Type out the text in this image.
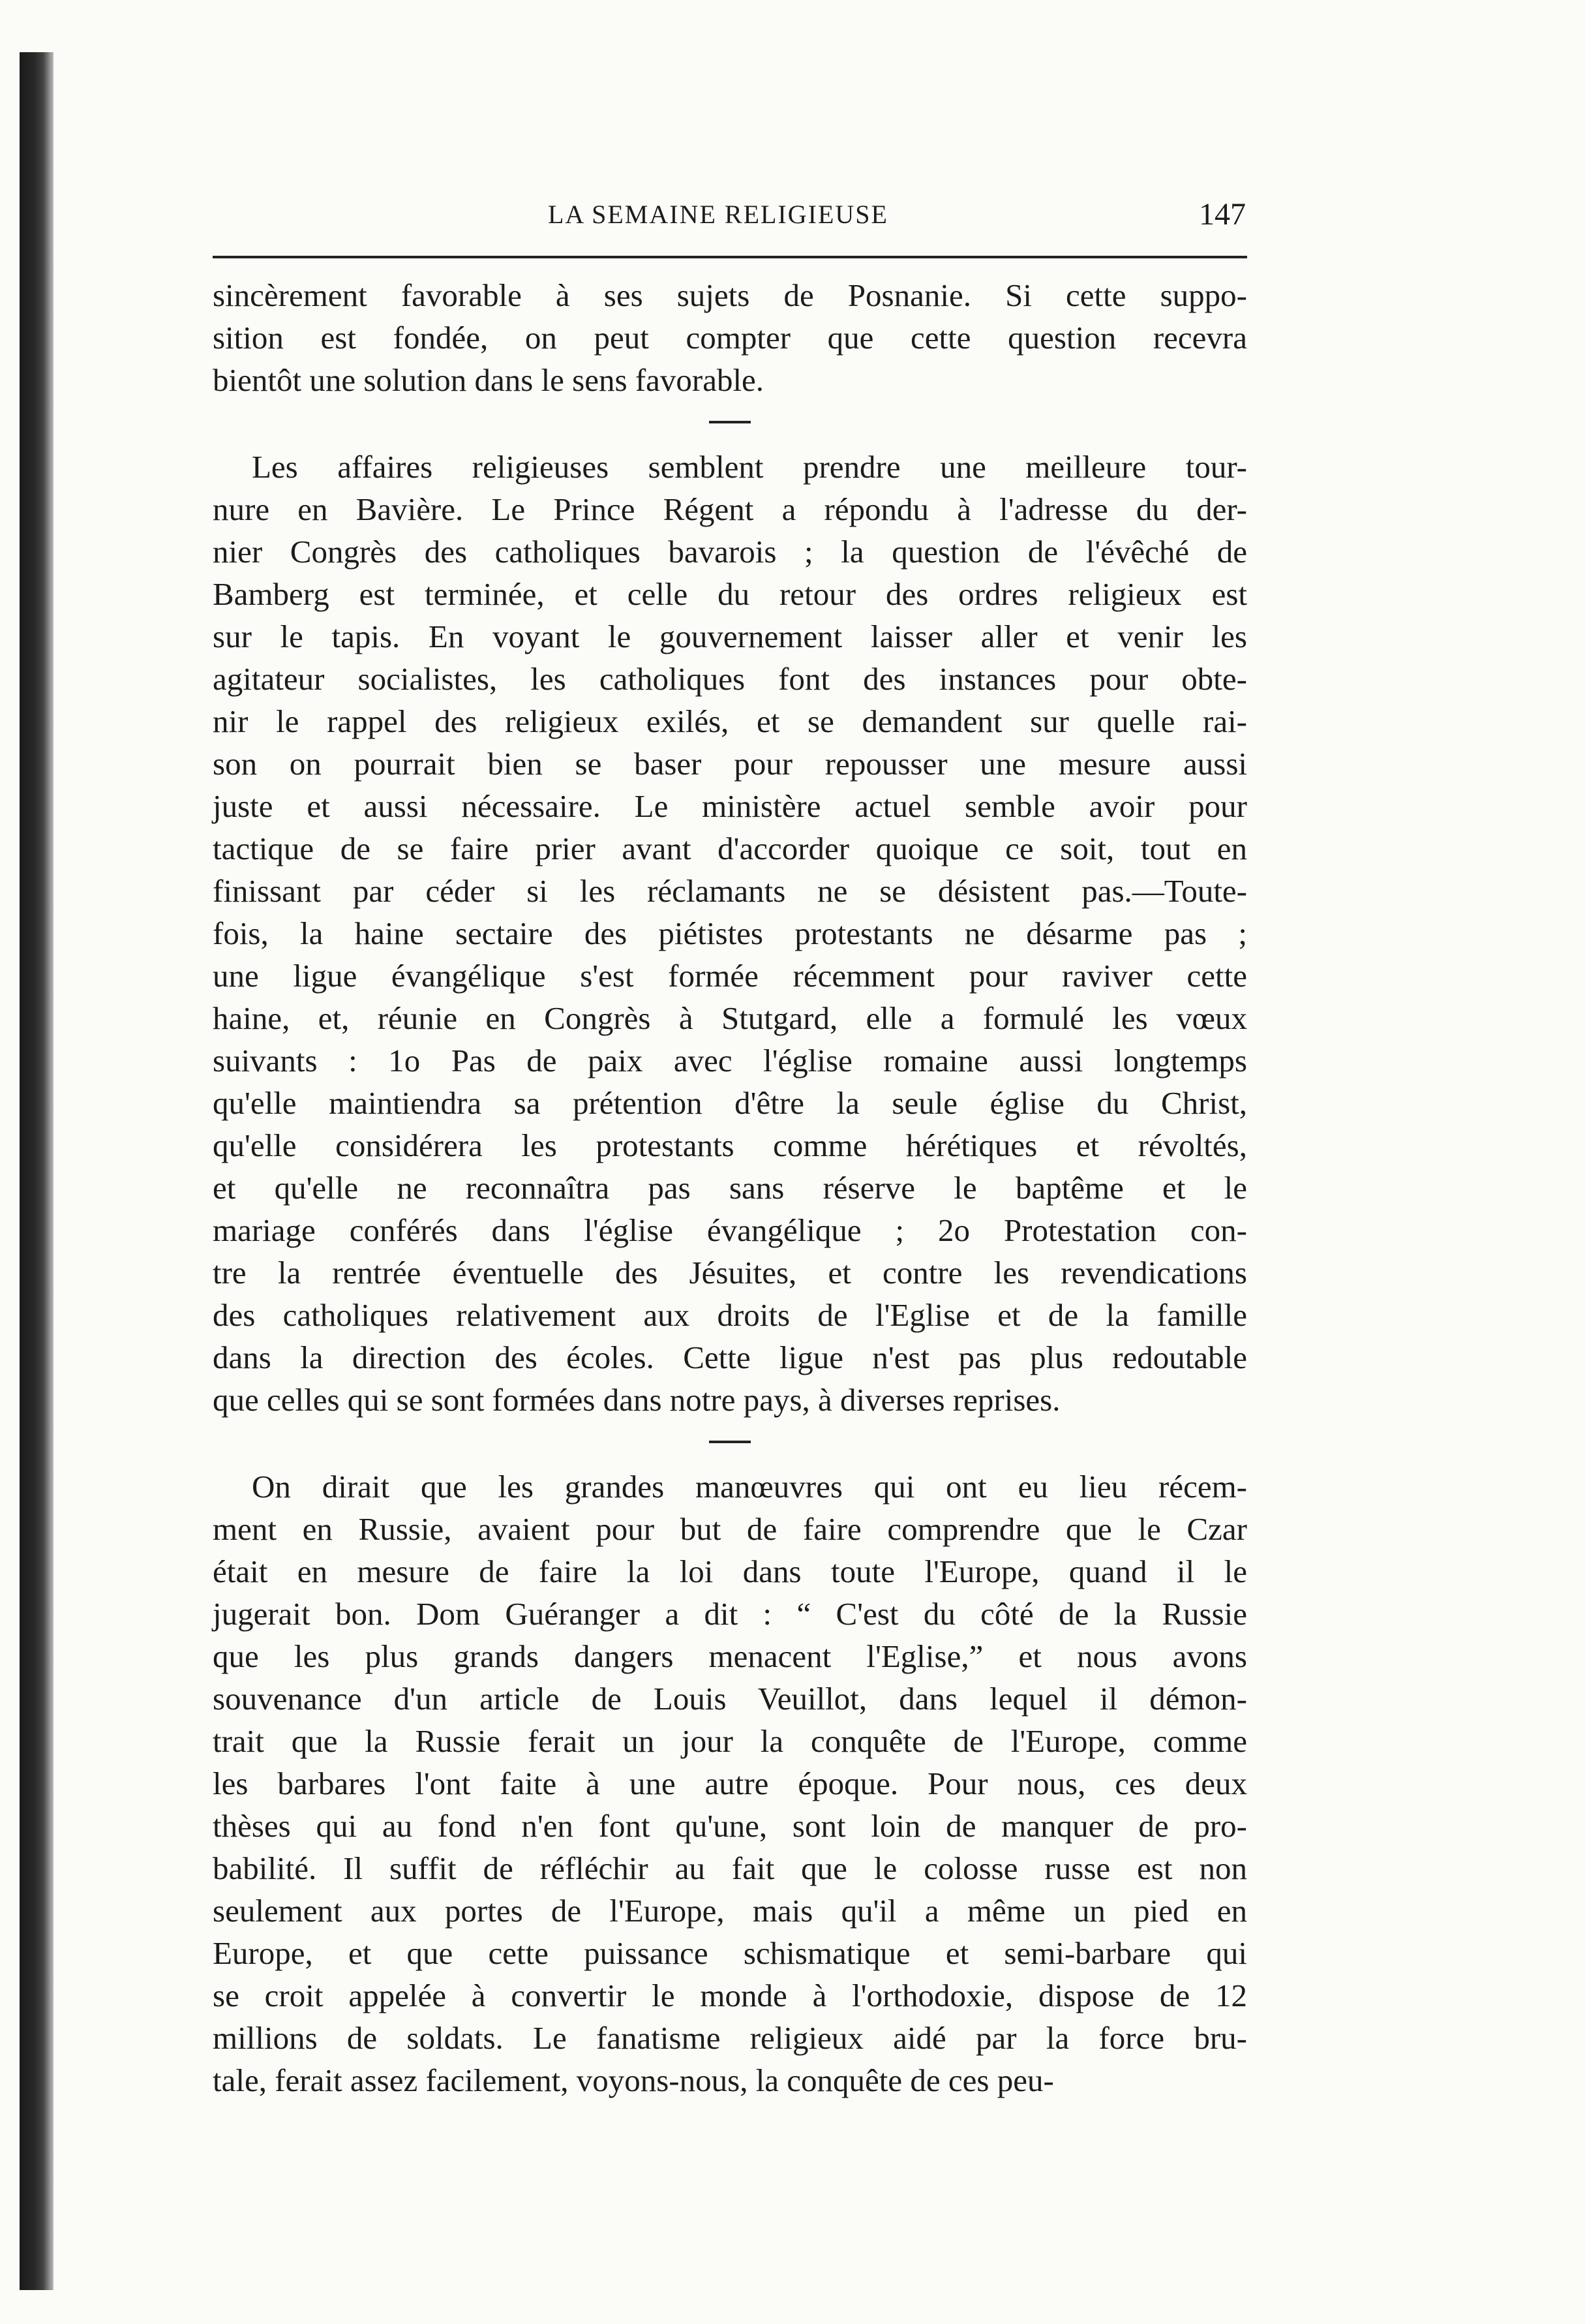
LA SEMAINE RELIGIEUSE	147

sincèrement favorable à ses sujets de Posnanie. Si cette suppo-
sition est fondée, on peut compter que cette question recevra
bientôt une solution dans le sens favorable.

Les affaires religieuses semblent prendre une meilleure tour-
nure en Bavière. Le Prince Régent a répondu à l'adresse du der-
nier Congrès des catholiques bavarois ; la question de l'évêché de
Bamberg est terminée, et celle du retour des ordres religieux est
sur le tapis. En voyant le gouvernement laisser aller et venir les
agitateur socialistes, les catholiques font des instances pour obte-
nir le rappel des religieux exilés, et se demandent sur quelle rai-
son on pourrait bien se baser pour repousser une mesure aussi
juste et aussi nécessaire. Le ministère actuel semble avoir pour
tactique de se faire prier avant d'accorder quoique ce soit, tout en
finissant par céder si les réclamants ne se désistent pas.—Toute-
fois, la haine sectaire des piétistes protestants ne désarme pas ;
une ligue évangélique s'est formée récemment pour raviver cette
haine, et, réunie en Congrès à Stutgard, elle a formulé les vœux
suivants : 1o Pas de paix avec l'église romaine aussi longtemps
qu'elle maintiendra sa prétention d'être la seule église du Christ,
qu'elle considérera les protestants comme hérétiques et révoltés,
et qu'elle ne reconnaîtra pas sans réserve le baptême et le
mariage conférés dans l'église évangélique ; 2o Protestation con-
tre la rentrée éventuelle des Jésuites, et contre les revendications
des catholiques relativement aux droits de l'Eglise et de la famille
dans la direction des écoles. Cette ligue n'est pas plus redoutable
que celles qui se sont formées dans notre pays, à diverses reprises.

On dirait que les grandes manœuvres qui ont eu lieu récem-
ment en Russie, avaient pour but de faire comprendre que le Czar
était en mesure de faire la loi dans toute l'Europe, quand il le
jugerait bon. Dom Guéranger a dit : “ C'est du côté de la Russie
que les plus grands dangers menacent l'Eglise,” et nous avons
souvenance d'un article de Louis Veuillot, dans lequel il démon-
trait que la Russie ferait un jour la conquête de l'Europe, comme
les barbares l'ont faite à une autre époque. Pour nous, ces deux
thèses qui au fond n'en font qu'une, sont loin de manquer de pro-
babilité. Il suffit de réfléchir au fait que le colosse russe est non
seulement aux portes de l'Europe, mais qu'il a même un pied en
Europe, et que cette puissance schismatique et semi-barbare qui
se croit appelée à convertir le monde à l'orthodoxie, dispose de 12
millions de soldats. Le fanatisme religieux aidé par la force bru-
tale, ferait assez facilement, voyons-nous, la conquête de ces peu-
